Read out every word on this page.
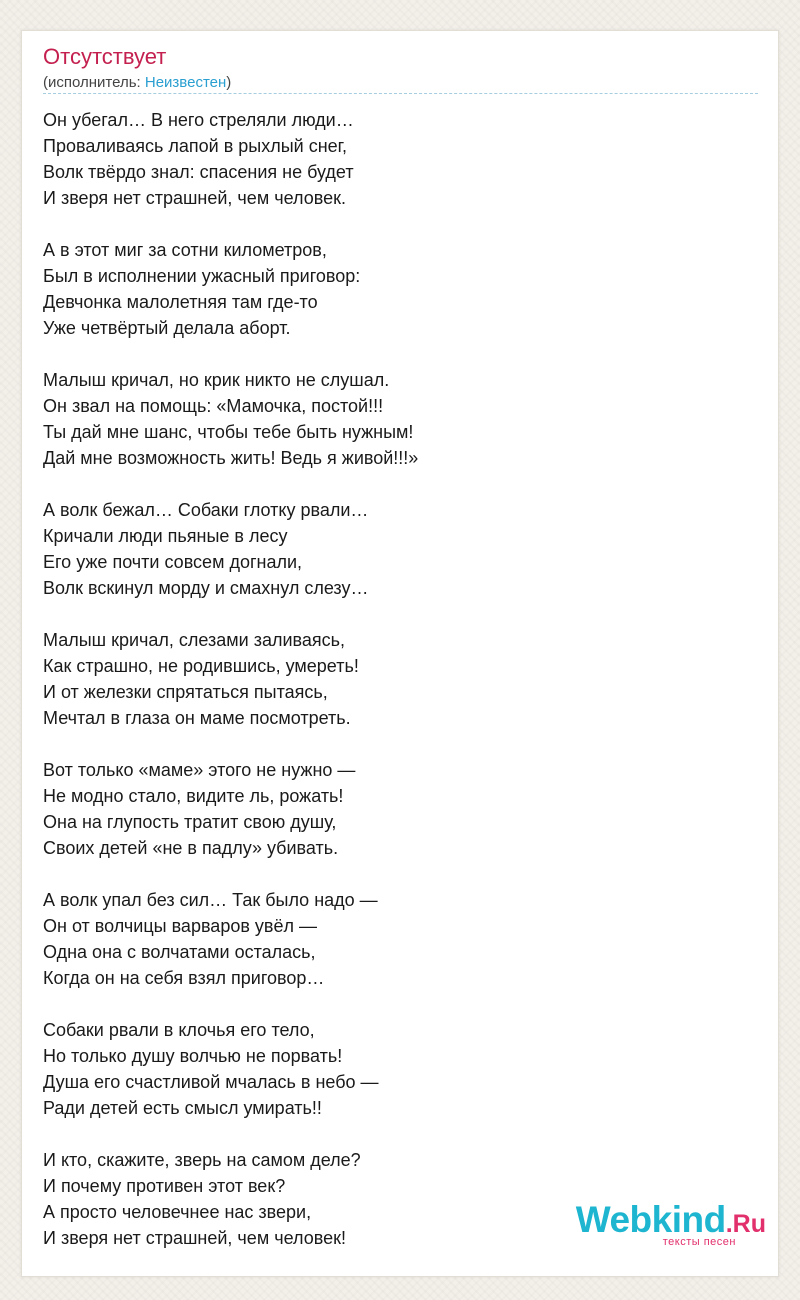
Отсутствует
(исполнитель: Неизвестен)
Он убегал… В него стреляли люди…
Проваливаясь лапой в рыхлый снег,
Волк твёрдо знал: спасения не будет
И зверя нет страшней, чем человек.
А в этот миг за сотни километров,
Был в исполнении ужасный приговор:
Девчонка малолетняя там где-то
Уже четвёртый делала аборт.
Малыш кричал, но крик никто не слушал.
Он звал на помощь: «Мамочка, постой!!!
Ты дай мне шанс, чтобы тебе быть нужным!
Дай мне возможность жить! Ведь я живой!!!»
А волк бежал… Собаки глотку рвали…
Кричали люди пьяные в лесу
Его уже почти совсем догнали,
Волк вскинул морду и смахнул слезу…
Малыш кричал, слезами заливаясь,
Как страшно, не родившись, умереть!
И от железки спрятаться пытаясь,
Мечтал в глаза он маме посмотреть.
Вот только «маме» этого не нужно —
Не модно стало, видите ль, рожать!
Она на глупость тратит свою душу,
Своих детей «не в падлу» убивать.
А волк упал без сил… Так было надо —
Он от волчицы варваров увёл —
Одна она с волчатами осталась,
Когда он на себя взял приговор…
Собаки рвали в клочья его тело,
Но только душу волчью не порвать!
Душа его счастливой мчалась в небо —
Ради детей есть смысл умирать!!
И кто, скажите, зверь на самом деле?
И почему противен этот век?
А просто человечнее нас звери,
И зверя нет страшней, чем человек!	Webkind.Ru
тексты песен
